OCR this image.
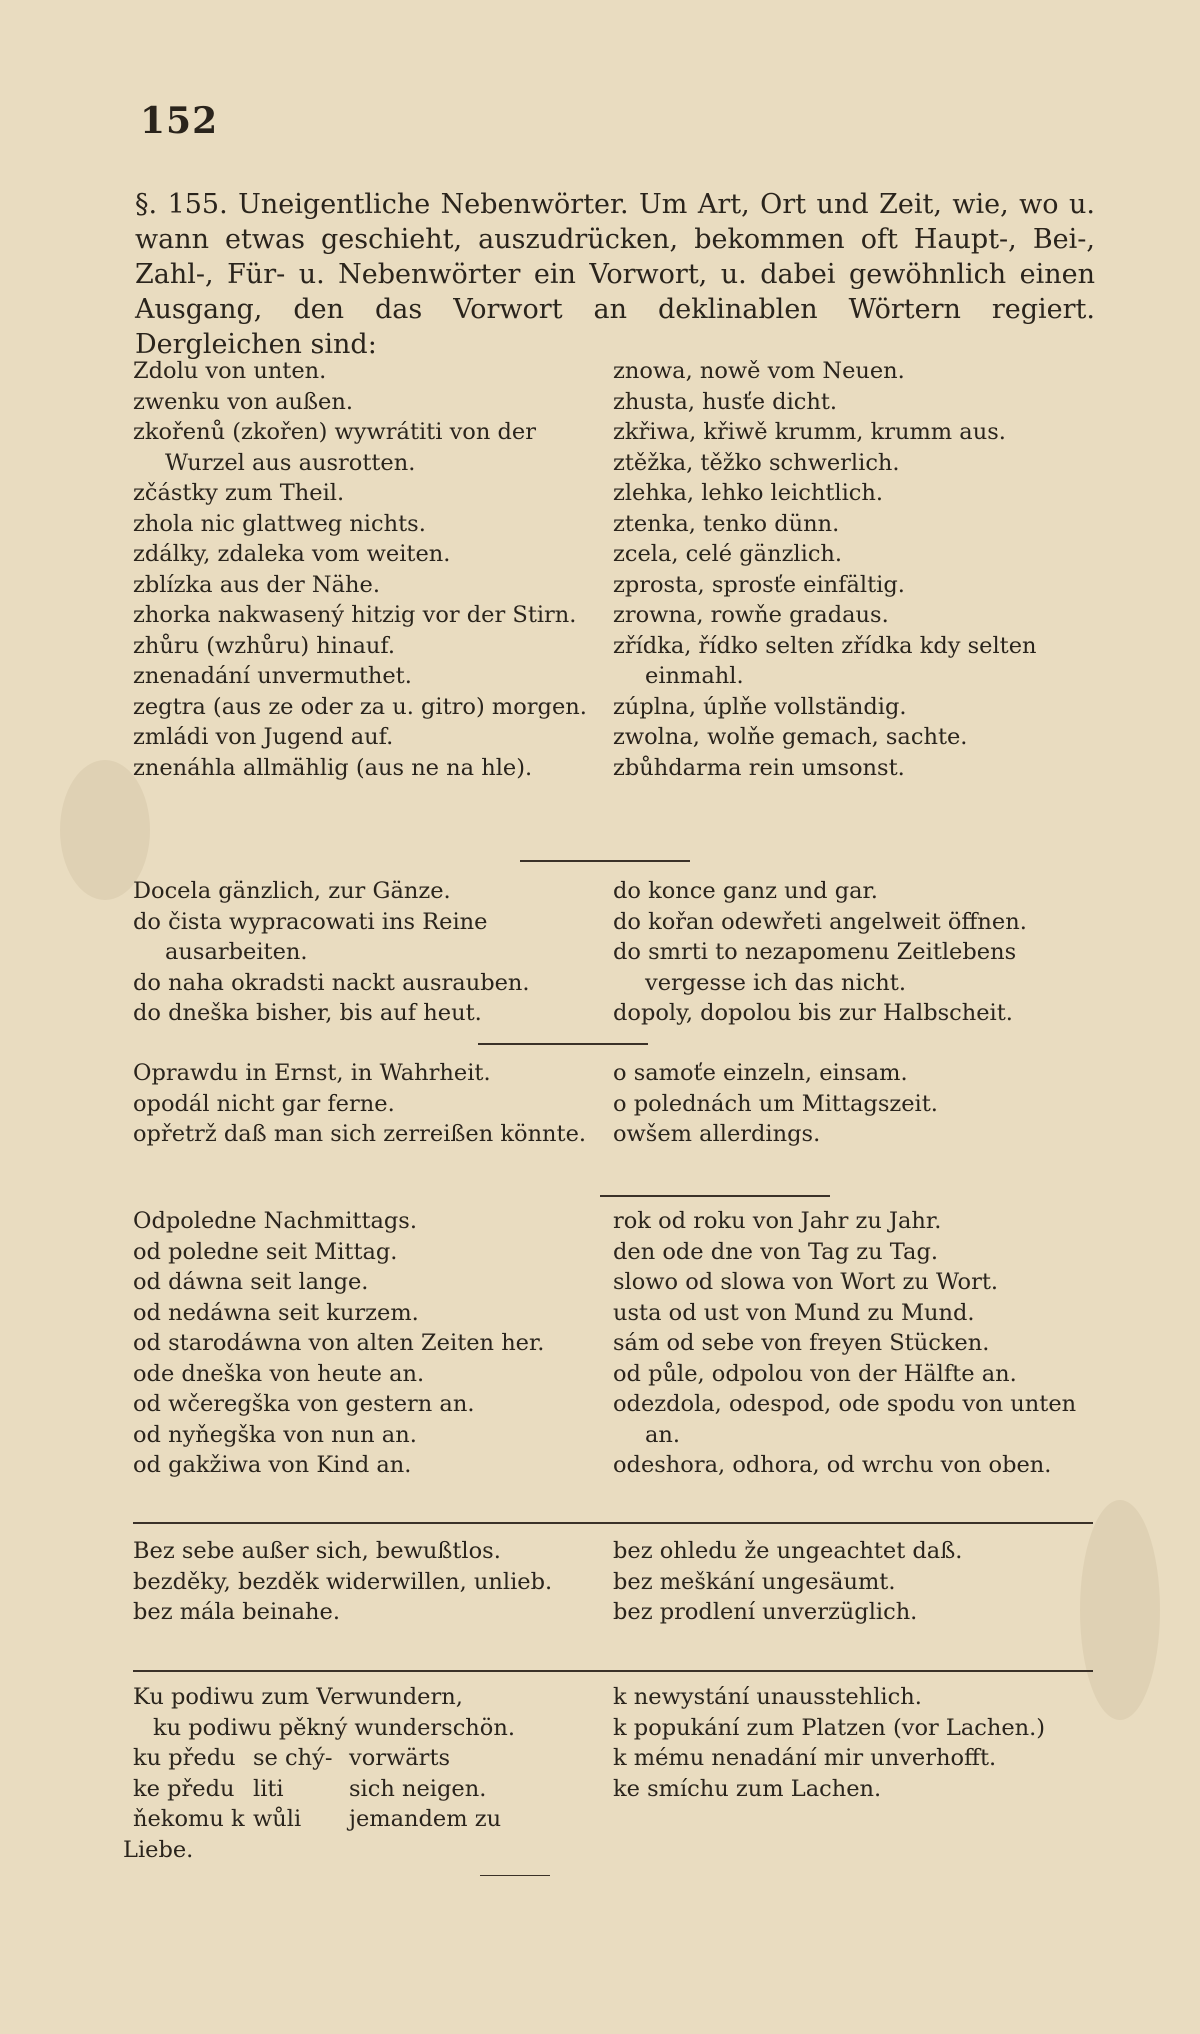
152

§. 155. Uneigentliche Nebenwörter. Um Art, Ort und Zeit, wie, wo u. wann etwas geschieht, auszudrücken, bekommen oft Haupt-, Bei-, Zahl-, Für- u. Nebenwörter ein Vorwort, u. dabei gewöhnlich einen Ausgang, den das Vorwort an deklinablen Wörtern regiert. Dergleichen sind:

Zdolu von unten.

zwenku von außen.

zkořenů (zkořen) wywrátiti von der Wurzel aus ausrotten.

zčástky zum Theil.

zhola nic glattweg nichts.

zdálky, zdaleka vom weiten.

zblízka aus der Nähe.

zhorka nakwasený hitzig vor der Stirn.

zhůru (wzhůru) hinauf.

znenadání unvermuthet.

zegtra (aus ze oder za u. gitro) morgen.

zmládi von Jugend auf.

znenáhla allmählig (aus ne na hle).

znowa, nowě vom Neuen.

zhusta, husťe dicht.

zkřiwa, křiwě krumm, krumm aus.

ztěžka, těžko schwerlich.

zlehka, lehko leichtlich.

ztenka, tenko dünn.

zcela, celé gänzlich.

zprosta, sprosťe einfältig.

zrowna, rowňe gradaus.

zřídka, řídko selten zřídka kdy selten einmahl.

zúplna, úplňe vollständig.

zwolna, wolňe gemach, sachte.

zbůhdarma rein umsonst.

Docela gänzlich, zur Gänze.

do čista wypracowati ins Reine ausarbeiten.

do naha okradsti nackt ausrauben.

do dneška bisher, bis auf heut.

do konce ganz und gar.

do kořan odewřeti angelweit öffnen.

do smrti to nezapomenu Zeitlebens vergesse ich das nicht.

dopoly, dopolou bis zur Halbscheit.

Oprawdu in Ernst, in Wahrheit.

opodál nicht gar ferne.

opřetrž daß man sich zerreißen könnte.

o samoťe einzeln, einsam.

o polednách um Mittagszeit.

owšem allerdings.

Odpoledne Nachmittags.

od poledne seit Mittag.

od dáwna seit lange.

od nedáwna seit kurzem.

od starodáwna von alten Zeiten her.

ode dneška von heute an.

od wčeregška von gestern an.

od nyňegška von nun an.

od gakžiwa von Kind an.

rok od roku von Jahr zu Jahr.

den ode dne von Tag zu Tag.

slowo od slowa von Wort zu Wort.

usta od ust von Mund zu Mund.

sám od sebe von freyen Stücken.

od půle, odpolou von der Hälfte an.

odezdola, odespod, ode spodu von unten an.

odeshora, odhora, od wrchu von oben.

Bez sebe außer sich, bewußtlos.

bezděky, bezděk widerwillen, unlieb.

bez mála beinahe.

bez ohledu že ungeachtet daß.

bez meškání ungesäumt.

bez prodlení unverzüglich.

Ku podiwu zum Verwundern,

ku podiwu pěkný wunderschön.

ku předu se chý- vorwärts
ke předu liti	sich neigen.
ňekomu k wůli	jemandem zu

Liebe.

k newystání unausstehlich.

k popukání zum Platzen (vor Lachen.)

k mému nenadání mir unverhofft.

ke smíchu zum Lachen.
